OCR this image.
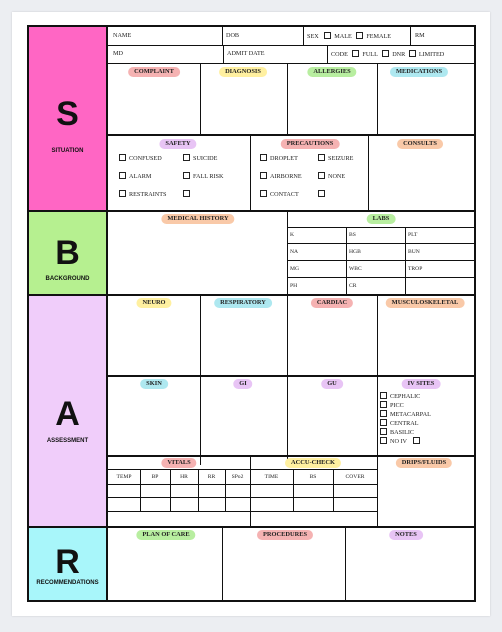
S
SITUATION
B
BACKGROUND
A
ASSESSMENT
R
RECOMMENDATIONS
NAME	DOB	SEX	MALE FEMALE	RM
MD	ADMIT DATE	CODE FULL DNR LIMITED
COMPLAINT	DIAGNOSIS	ALLERGIES	MEDICATIONS
SAFETY	PRECAUTIONS	CONSULTS
CONFUSED	SUICIDE
ALARM	FALL RISK
RESTRAINTS
DROPLET	SEIZURE
AIRBORNE	NONE
CONTACT
MEDICAL HISTORY	LABS
K	BS	PLT
NA	HGB	BUN
MG	WBC	TROP
PH	CR
NEURO	RESPIRATORY	CARDIAC	MUSCULOSKELETAL
SKIN	GI	GU	IV SITES
CEPHALIC
PICC
METACARPAL
CENTRAL
BASILIC
NO IV
VITALS	ACCU-CHECK	DRIPS/FLUIDS
TEMP	BP	HR	RR	SPo2	TIME	BS	COVER
PLAN OF CARE	PROCEDURES	NOTES
